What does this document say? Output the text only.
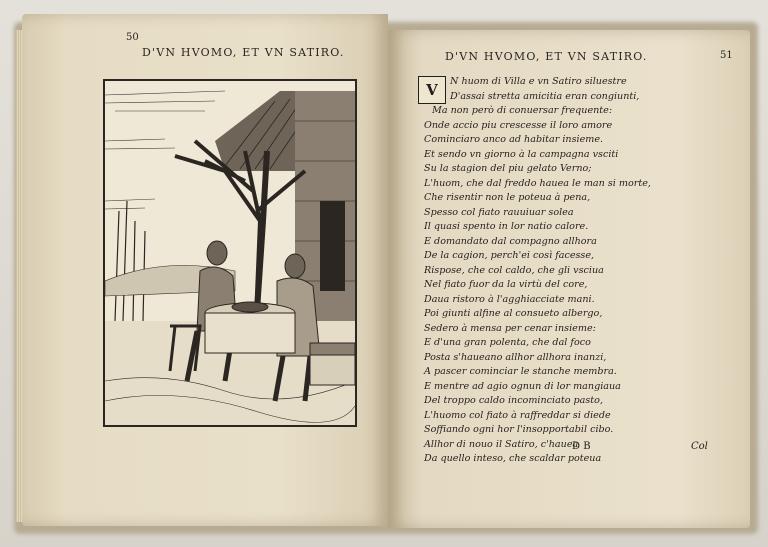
50
D'VN HVOMO, ET VN SATIRO.	D'VN HVOMO, ET VN SATIRO.	51
V	N huom di Villa e vn Satiro siluestre
D'assai stretta amicitia eran congiunti,
Ma non però di conuersar frequente:
Onde accio piu crescesse il loro amore
Cominciaro anco ad habitar insieme.
Et sendo vn giorno à la campagna vsciti
Su la stagion del piu gelato Verno;
L'huom, che dal freddo hauea le man si morte,
Che risentir non le poteua à pena,
Spesso col fiato rauuiuar solea
Il quasi spento in lor natio calore.
E domandato dal compagno allhora
De la cagion, perch'ei così facesse,
Rispose, che col caldo, che gli vsciua
Nel fiato fuor da la virtù del core,
Daua ristoro à l'agghiacciate mani.
Poi giunti alfine al consueto albergo,
Sedero à mensa per cenar insieme:
E d'una gran polenta, che dal foco
Posta s'haueano allhor allhora inanzi,
A pascer cominciar le stanche membra.
E mentre ad agio ognun di lor mangiaua
Del troppo caldo incominciato pasto,
L'huomo col fiato à raffreddar si diede
Soffiando ogni hor l'insopportabil cibo.
Allhor di nouo il Satiro, c'hauea
Da quello inteso, che scaldar poteua
D B	Col
